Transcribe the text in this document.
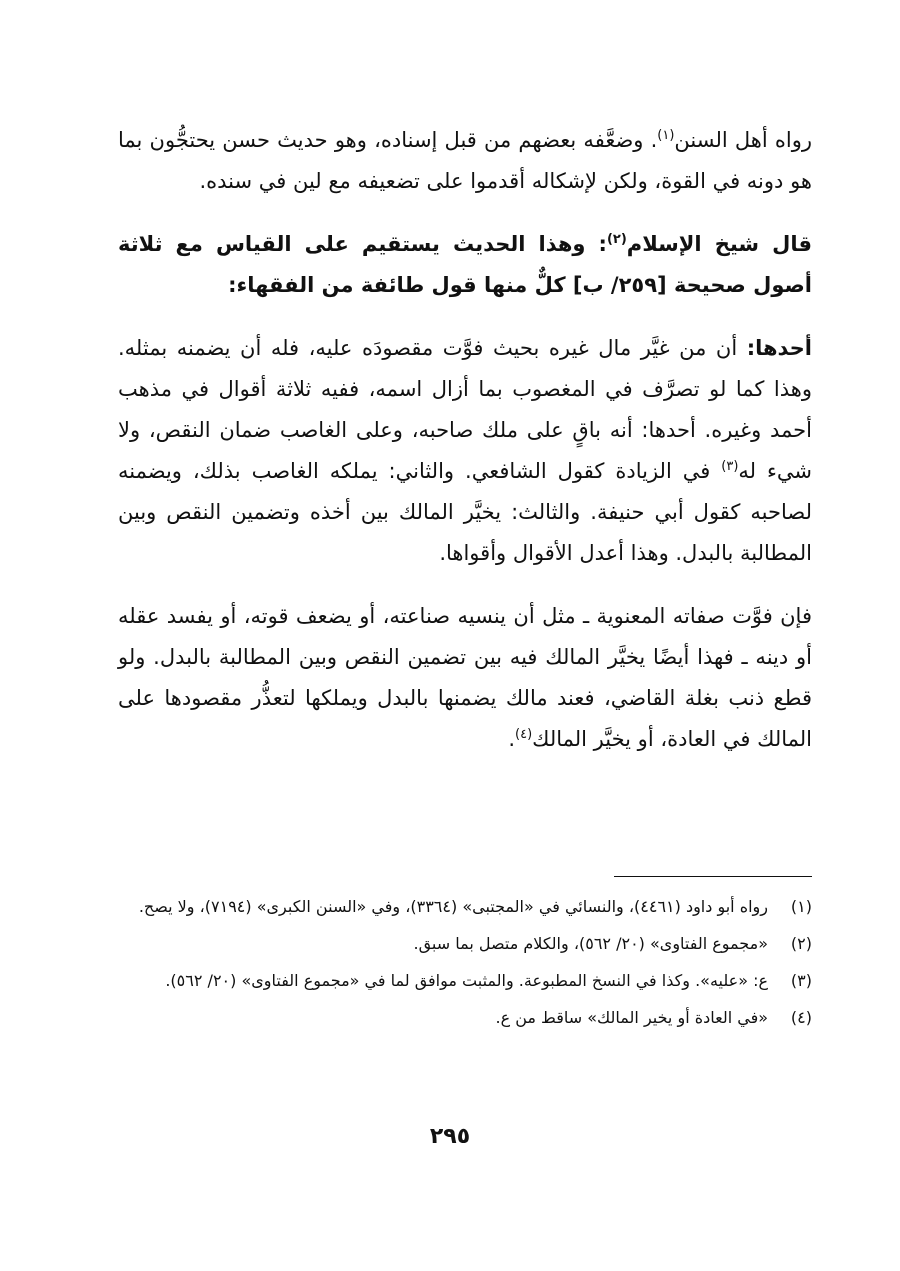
رواه أهل السنن$^{(١)}$. وضعَّفه بعضهم من قبل إسناده، وهو حديث حسن يحتجُّون بما هو دونه في القوة، ولكن لإشكاله أقدموا على تضعيفه مع لين في سنده.

قال شيخ الإسلام$^{(٢)}$: وهذا الحديث يستقيم على القياس مع ثلاثة أصول صحيحة [٢٥٩/ ب] كلٌّ منها قول طائفة من الفقهاء:

أحدها: أن من غيَّر مال غيره بحيث فوَّت مقصودَه عليه، فله أن يضمنه بمثله. وهذا كما لو تصرَّف في المغصوب بما أزال اسمه، ففيه ثلاثة أقوال في مذهب أحمد وغيره. أحدها: أنه باقٍ على ملك صاحبه، وعلى الغاصب ضمان النقص، ولا شيء له$^{(٣)}$ في الزيادة كقول الشافعي. والثاني: يملكه الغاصب بذلك، ويضمنه لصاحبه كقول أبي حنيفة. والثالث: يخيَّر المالك بين أخذه وتضمين النقص وبين المطالبة بالبدل. وهذا أعدل الأقوال وأقواها.

فإن فوَّت صفاته المعنوية ـ مثل أن ينسيه صناعته، أو يضعف قوته، أو يفسد عقله أو دينه ـ فهذا أيضًا يخيَّر المالك فيه بين تضمين النقص وبين المطالبة بالبدل. ولو قطع ذنب بغلة القاضي، فعند مالك يضمنها بالبدل ويملكها لتعذُّر مقصودها على المالك في العادة، أو يخيَّر المالك$^{(٤)}$.

(١)
رواه أبو داود (٤٤٦١)، والنسائي في «المجتبى» (٣٣٦٤)، وفي «السنن الكبرى» (٧١٩٤)، ولا يصح.
(٢)
«مجموع الفتاوى» (٢٠/ ٥٦٢)، والكلام متصل بما سبق.
(٣)
ع: «عليه». وكذا في النسخ المطبوعة. والمثبت موافق لما في «مجموع الفتاوى» (٢٠/ ٥٦٢).
(٤)
«في العادة أو يخير المالك» ساقط من ع.
٢٩٥
